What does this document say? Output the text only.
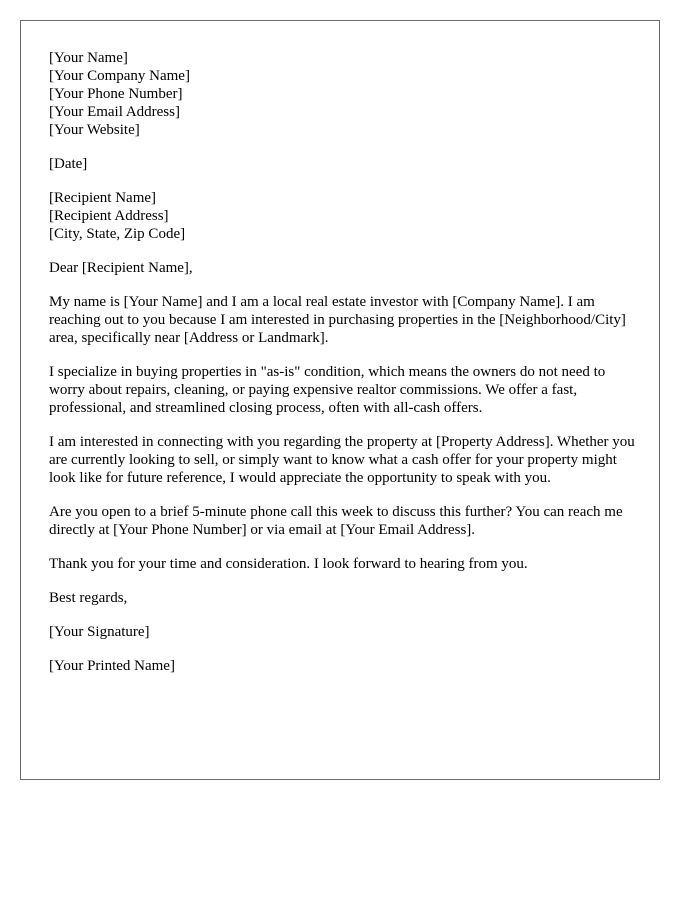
[Your Name]
[Your Company Name]
[Your Phone Number]
[Your Email Address]
[Your Website]
[Date]
[Recipient Name]
[Recipient Address]
[City, State, Zip Code]

Dear [Recipient Name],

My name is [Your Name] and I am a local real estate investor with [Company Name]. I am reaching out to you because I am interested in purchasing properties in the [Neighborhood/City] area, specifically near [Address or Landmark].

I specialize in buying properties in "as-is" condition, which means the owners do not need to worry about repairs, cleaning, or paying expensive realtor commissions. We offer a fast, professional, and streamlined closing process, often with all-cash offers.

I am interested in connecting with you regarding the property at [Property Address]. Whether you are currently looking to sell, or simply want to know what a cash offer for your property might look like for future reference, I would appreciate the opportunity to speak with you.

Are you open to a brief 5-minute phone call this week to discuss this further? You can reach me directly at [Your Phone Number] or via email at [Your Email Address].

Thank you for your time and consideration. I look forward to hearing from you.

Best regards,

[Your Signature]

[Your Printed Name]
